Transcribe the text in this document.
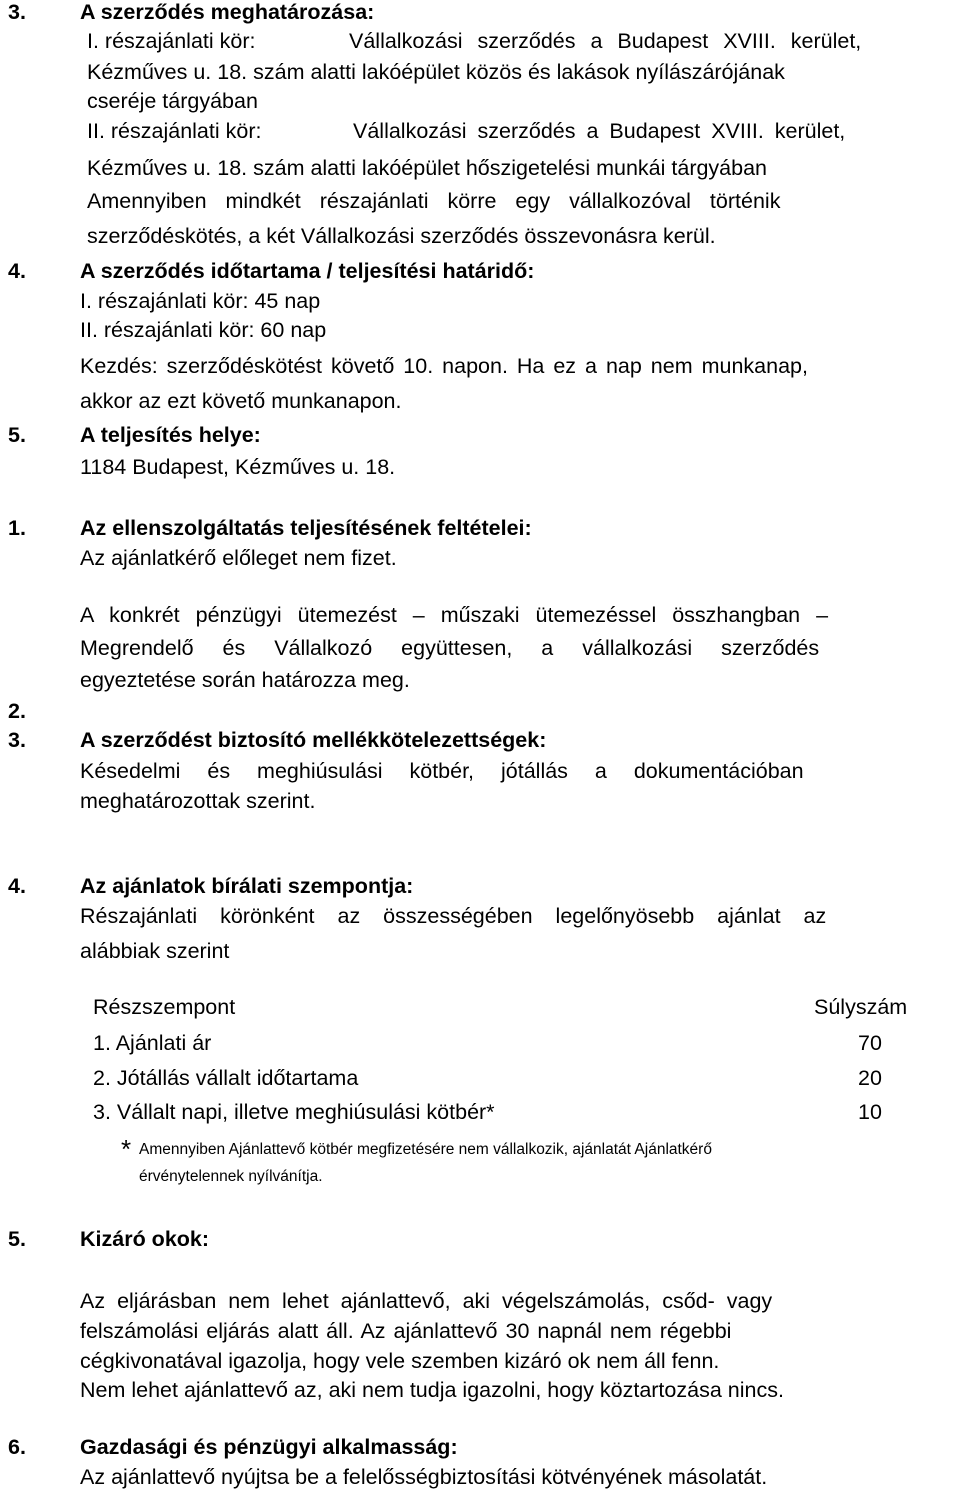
3.	A szerződés meghatározása:
I. részajánlati kör:	Vállalkozási szerződés a Budapest XVIII. kerület,
Kézműves u. 18. szám alatti lakóépület közös és lakások nyílászárójának
cseréje tárgyában
II. részajánlati kör:	Vállalkozási szerződés a Budapest XVIII. kerület,
Kézműves u. 18. szám alatti lakóépület hőszigetelési munkái tárgyában
Amennyiben mindkét részajánlati körre egy vállalkozóval történik
szerződéskötés, a két Vállalkozási szerződés összevonásra kerül.
4.	A szerződés időtartama / teljesítési határidő:
I. részajánlati kör: 45 nap
II. részajánlati kör: 60 nap
Kezdés: szerződéskötést követő 10. napon. Ha ez a nap nem munkanap,
akkor az ezt követő munkanapon.
5.	A teljesítés helye:
1184 Budapest, Kézműves u. 18.
1.	Az ellenszolgáltatás teljesítésének feltételei:
Az ajánlatkérő előleget nem fizet.
A konkrét pénzügyi ütemezést – műszaki ütemezéssel összhangban –
Megrendelő és Vállalkozó együttesen, a vállalkozási szerződés
egyeztetése során határozza meg.
2.
3.	A szerződést biztosító mellékkötelezettségek:
Késedelmi és meghiúsulási kötbér, jótállás a dokumentációban
meghatározottak szerint.
4.	Az ajánlatok bírálati szempontja:
Részajánlati körönként az összességében legelőnyösebb ajánlat az
alábbiak szerint
Részszempont	Súlyszám
1. Ajánlati ár	70
2. Jótállás vállalt időtartama	20
3. Vállalt napi, illetve meghiúsulási kötbér*	10
* Amennyiben Ajánlattevő kötbér megfizetésére nem vállalkozik, ajánlatát Ajánlatkérő
érvénytelennek nyílvánítja.
5.	Kizáró okok:
Az eljárásban nem lehet ajánlattevő, aki végelszámolás, csőd- vagy
felszámolási eljárás alatt áll. Az ajánlattevő 30 napnál nem régebbi
cégkivonatával igazolja, hogy vele szemben kizáró ok nem áll fenn.
Nem lehet ajánlattevő az, aki nem tudja igazolni, hogy köztartozása nincs.
6.	Gazdasági és pénzügyi alkalmasság:
Az ajánlattevő nyújtsa be a felelősségbiztosítási kötvényének másolatát.
